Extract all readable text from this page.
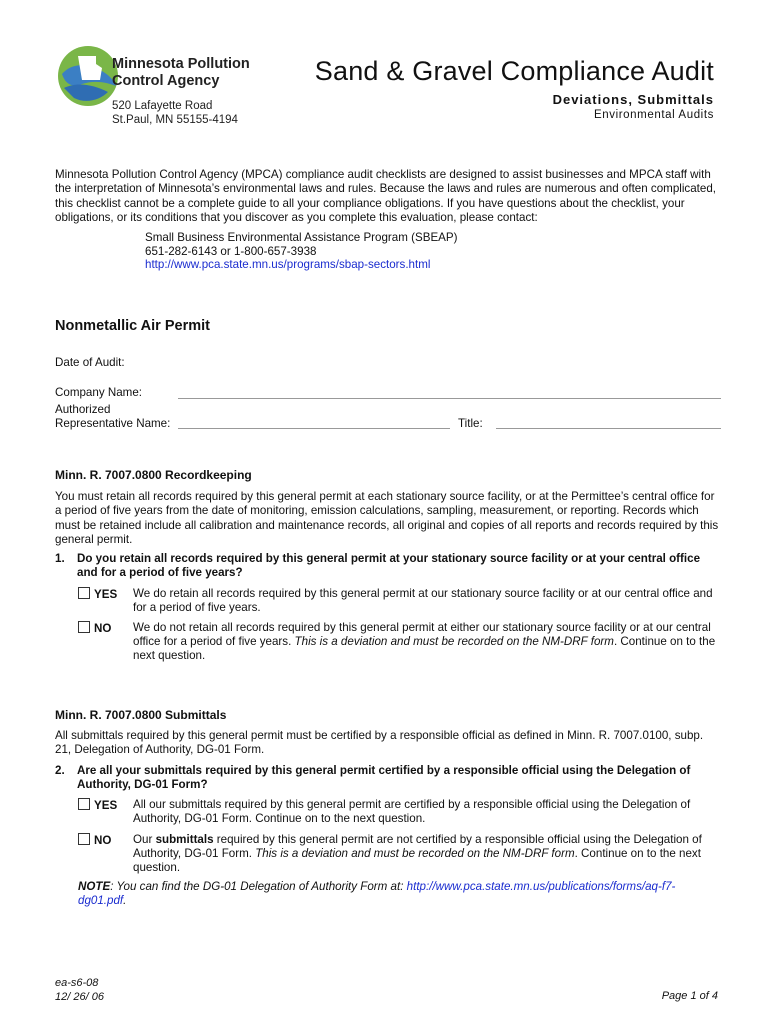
Minnesota Pollution
Control Agency
520 Lafayette Road
St.Paul, MN 55155-4194
Sand & Gravel Compliance Audit
Deviations, Submittals
Environmental Audits
Minnesota Pollution Control Agency (MPCA) compliance audit checklists are designed to assist businesses and MPCA staff with the interpretation of Minnesota’s environmental laws and rules. Because the laws and rules are numerous and often complicated, this checklist cannot be a complete guide to all your compliance obligations. If you have questions about the checklist, your obligations, or its conditions that you discover as you complete this evaluation, please contact:
Small Business Environmental Assistance Program (SBEAP)
651-282-6143 or 1-800-657-3938
http://www.pca.state.mn.us/programs/sbap-sectors.html
Nonmetallic Air Permit
Date of Audit:
Company Name:
Authorized
Representative Name:	Title:
Minn. R. 7007.0800 Recordkeeping
You must retain all records required by this general permit at each stationary source facility, or at the Permittee’s central office for a period of five years from the date of monitoring, emission calculations, sampling, measurement, or reporting. Records which must be retained include all calibration and maintenance records, all original and copies of all reports and records required by this general permit.
1. Do you retain all records required by this general permit at your stationary source facility or at your central office and for a period of five years?
YES We do retain all records required by this general permit at our stationary source facility or at our central office and for a period of five years.
NO We do not retain all records required by this general permit at either our stationary source facility or at our central office for a period of five years. This is a deviation and must be recorded on the NM-DRF form. Continue on to the next question.
Minn. R. 7007.0800 Submittals
All submittals required by this general permit must be certified by a responsible official as defined in Minn. R. 7007.0100, subp. 21, Delegation of Authority, DG-01 Form.
2. Are all your submittals required by this general permit certified by a responsible official using the Delegation of Authority, DG-01 Form?
YES All our submittals required by this general permit are certified by a responsible official using the Delegation of Authority, DG-01 Form. Continue on to the next question.
NO Our submittals required by this general permit are not certified by a responsible official using the Delegation of Authority, DG-01 Form. This is a deviation and must be recorded on the NM-DRF form. Continue on to the next question.
NOTE: You can find the DG-01 Delegation of Authority Form at: http://www.pca.state.mn.us/publications/forms/aq-f7-dg01.pdf.
ea-s6-08
12/ 26/ 06	Page 1 of 4
